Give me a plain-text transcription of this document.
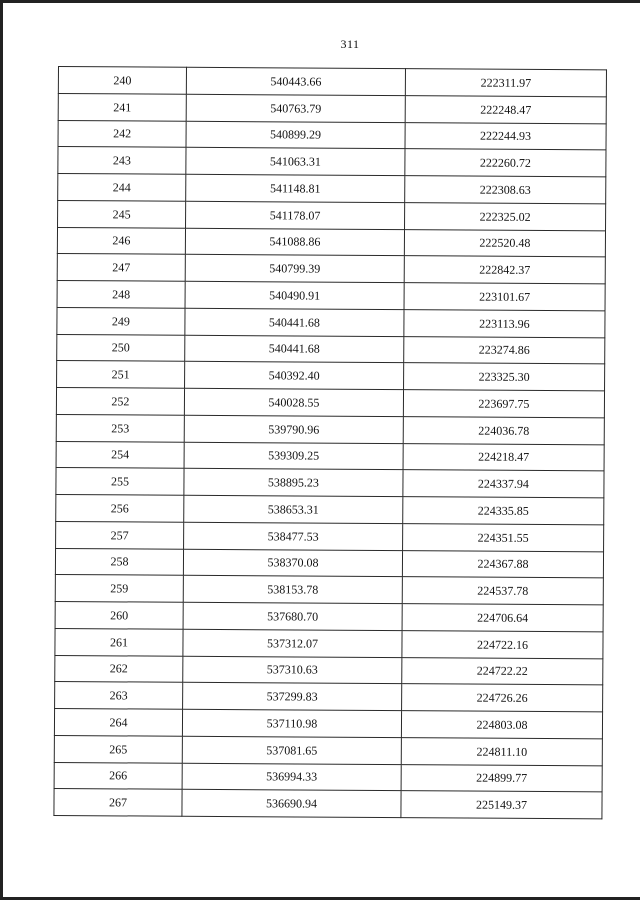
311
240	540443.66	222311.97
241	540763.79	222248.47
242	540899.29	222244.93
243	541063.31	222260.72
244	541148.81	222308.63
245	541178.07	222325.02
246	541088.86	222520.48
247	540799.39	222842.37
248	540490.91	223101.67
249	540441.68	223113.96
250	540441.68	223274.86
251	540392.40	223325.30
252	540028.55	223697.75
253	539790.96	224036.78
254	539309.25	224218.47
255	538895.23	224337.94
256	538653.31	224335.85
257	538477.53	224351.55
258	538370.08	224367.88
259	538153.78	224537.78
260	537680.70	224706.64
261	537312.07	224722.16
262	537310.63	224722.22
263	537299.83	224726.26
264	537110.98	224803.08
265	537081.65	224811.10
266	536994.33	224899.77
267	536690.94	225149.37
